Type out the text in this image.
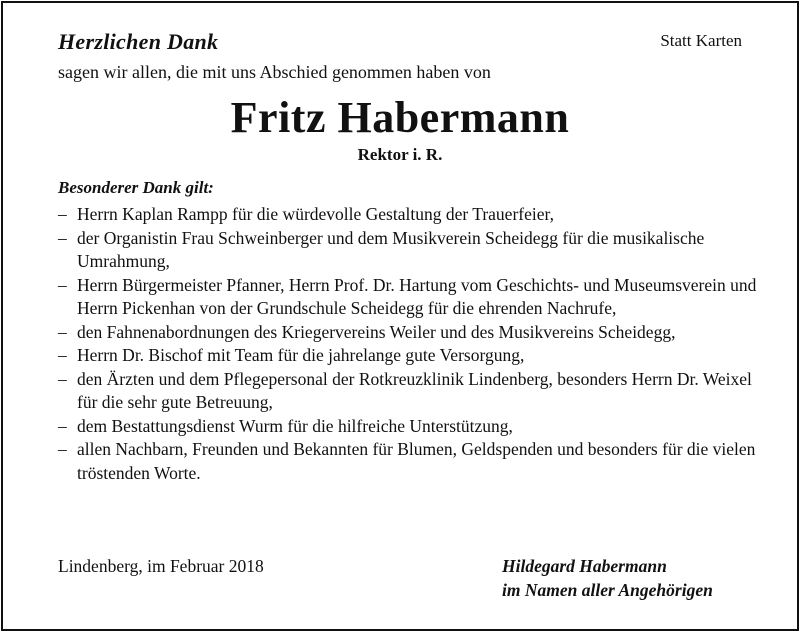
Herzlichen Dank	Statt Karten
sagen wir allen, die mit uns Abschied genommen haben von
Fritz Habermann
Rektor i. R.
Besonderer Dank gilt:
– Herrn Kaplan Rampp für die würdevolle Gestaltung der Trauerfeier,
– der Organistin Frau Schweinberger und dem Musikverein Scheidegg für die musikalische Umrahmung,
– Herrn Bürgermeister Pfanner, Herrn Prof. Dr. Hartung vom Geschichts- und Museumsverein und Herrn Pickenhan von der Grundschule Scheidegg für die ehrenden Nachrufe,
– den Fahnenabordnungen des Kriegervereins Weiler und des Musikvereins Scheidegg,
– Herrn Dr. Bischof mit Team für die jahrelange gute Versorgung,
– den Ärzten und dem Pflegepersonal der Rotkreuzklinik Lindenberg, besonders Herrn Dr. Weixel für die sehr gute Betreuung,
– dem Bestattungsdienst Wurm für die hilfreiche Unterstützung,
– allen Nachbarn, Freunden und Bekannten für Blumen, Geldspenden und besonders für die vielen tröstenden Worte.
Lindenberg, im Februar 2018	Hildegard Habermann
im Namen aller Angehörigen
